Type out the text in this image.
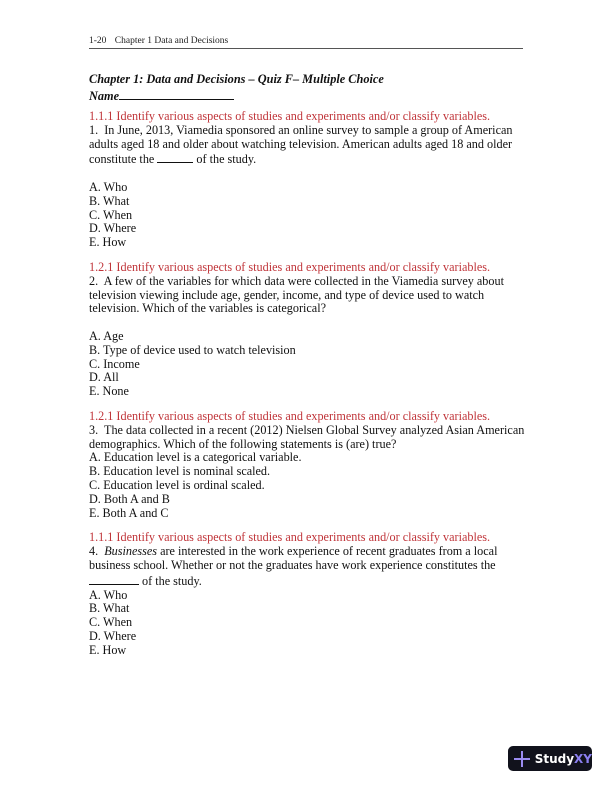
1-20 Chapter 1 Data and Decisions
Chapter 1: Data and Decisions – Quiz F– Multiple Choice
Name
1.1.1 Identify various aspects of studies and experiments and/or classify variables.

1. In June, 2013, Viamedia sponsored an online survey to sample a group of American adults aged 18 and older about watching television. American adults aged 18 and older constitute the	of the study.

A. Who
B. What
C. When
D. Where
E. How
1.2.1 Identify various aspects of studies and experiments and/or classify variables.

2. A few of the variables for which data were collected in the Viamedia survey about television viewing include age, gender, income, and type of device used to watch television. Which of the variables is categorical?

A. Age
B. Type of device used to watch television
C. Income
D. All
E. None
1.2.1 Identify various aspects of studies and experiments and/or classify variables.

3. The data collected in a recent (2012) Nielsen Global Survey analyzed Asian American demographics. Which of the following statements is (are) true?

A. Education level is a categorical variable.
B. Education level is nominal scaled.
C. Education level is ordinal scaled.
D. Both A and B
E. Both A and C
1.1.1 Identify various aspects of studies and experiments and/or classify variables.

4. Businesses are interested in the work experience of recent graduates from a local business school. Whether or not the graduates have work experience constitutes the  of the study.

A. Who
B. What
C. When
D. Where
E. How
Study XY
